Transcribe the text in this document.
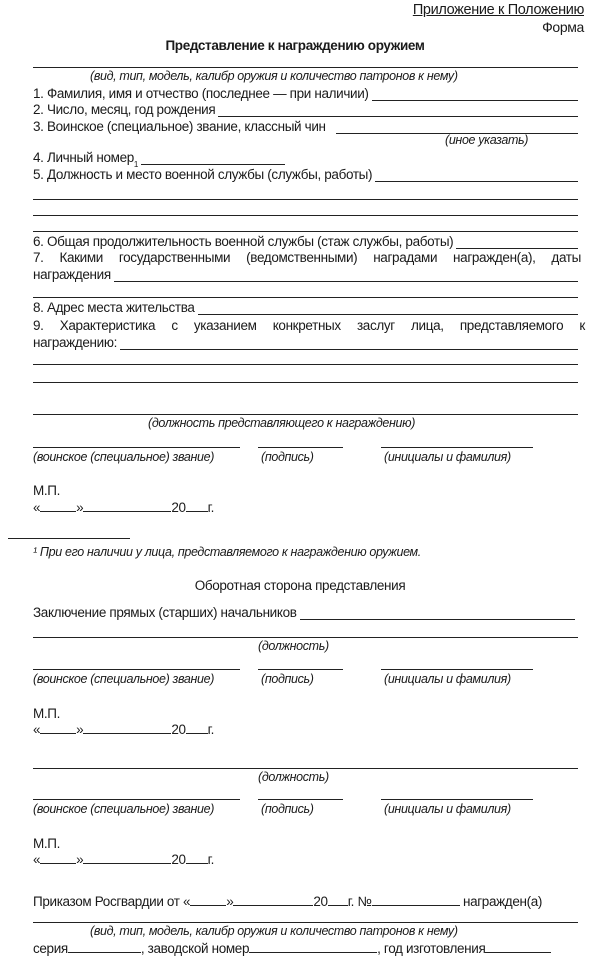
Приложение к Положению
Форма
Представление к награждению оружием
(вид, тип, модель, калибр оружия и количество патронов к нему)
1. Фамилия, имя и отчество (последнее — при наличии)
2. Число, месяц, год рождения
3. Воинское (специальное) звание, классный чин
(иное указать)
4. Личный номер 1
5. Должность и место военной службы (службы, работы)
6. Общая продолжительность военной службы (стаж службы, работы)
7. Какими государственными (ведомственными) наградами награжден(а), даты
награждения
8. Адрес места жительства
9. Характеристика с указанием конкретных заслуг лица, представляемого к
награждению:
(должность представляющего к награждению)
(воинское (специальное) звание)	(подпись)	(инициалы и фамилия)
М.П.
«	»	20 г.
¹ При его наличии у лица, представляемого к награждению оружием.
Оборотная сторона представления
Заключение прямых (старших) начальников
(должность)
(воинское (специальное) звание)	(подпись)	(инициалы и фамилия)
М.П.
«	»	20 г.
(должность)
(воинское (специальное) звание)	(подпись)	(инициалы и фамилия)
М.П.
«	»	20 г.
Приказом Росгвардии от «	»	20 г. №	награжден(а)
(вид, тип, модель, калибр оружия и количество патронов к нему)
серия	, заводской номер	, год изготовления
